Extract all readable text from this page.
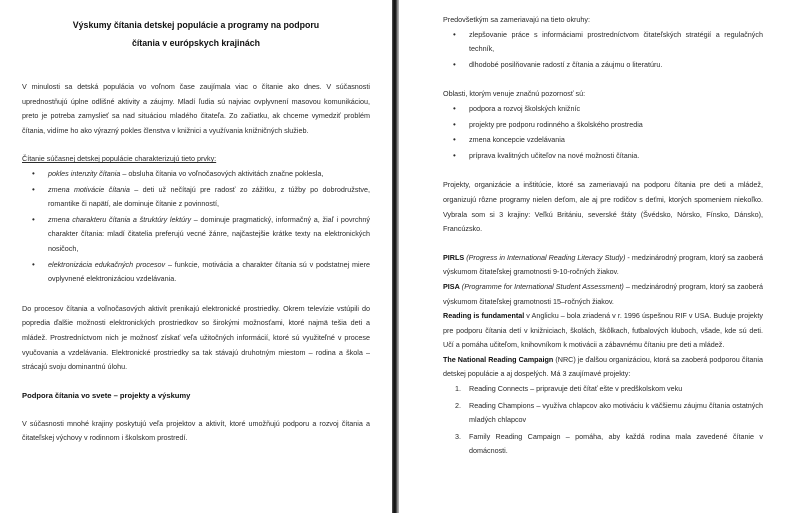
Výskumy čítania detskej populácie a programy na podporu
čítania v európskych krajinách

V minulosti sa detská populácia vo voľnom čase zaujímala viac o čítanie ako dnes. V súčasnosti uprednostňujú úplne odlišné aktivity a záujmy. Mladí ľudia sú najviac ovplyvnení masovou komunikáciou, preto je potreba zamyslieť sa nad situáciou mladého čitateľa. Zo začiatku, ak chceme vymedziť problém čítania, vidíme ho ako výrazný pokles členstva v knižnici a využívania knižničných služieb.

Čítanie súčasnej detskej populácie charakterizujú tieto prvky:

• pokles intenzity čítania – obsluha čítania vo voľnočasových aktivitách značne poklesla,
• zmena motivácie čítania – deti už nečítajú pre radosť zo zážitku, z túžby po dobrodružstve, romantike či napätí, ale dominuje čítanie z povinností,
• zmena charakteru čítania a štruktúry lektúry – dominuje pragmatický, informačný a, žiaľ i povrchný charakter čítania: mladí čitatelia preferujú vecné žánre, najčastejšie krátke texty na elektronických nosičoch,
• elektronizácia edukačných procesov – funkcie, motivácia a charakter čítania sú v podstatnej miere ovplyvnené elektronizáciou vzdelávania.

Do procesov čítania a voľnočasových aktivít prenikajú elektronické prostriedky. Okrem televízie vstúpili do popredia ďalšie možnosti elektronických prostriedkov so širokými možnosťami, ktoré najmä tešia deti a mládež. Prostredníctvom nich je možnosť získať veľa užitočných informácií, ktoré sú využiteľné v procese vyučovania a vzdelávania. Elektronické prostriedky sa tak stávajú druhotným miestom – rodina a škola – strácajú svoju dominantnú úlohu.

Podpora čítania vo svete – projekty a výskumy

V súčasnosti mnohé krajiny poskytujú veľa projektov a aktivít, ktoré umožňujú podporu a rozvoj čítania a čitateľskej výchovy v rodinnom i školskom prostredí.

Predovšetkým sa zameriavajú na tieto okruhy:

• zlepšovanie práce s informáciami prostredníctvom čitateľských stratégií a regulačných techník,
• dlhodobé posilňovanie radostí z čítania a záujmu o literatúru.

Oblasti, ktorým venuje značnú pozornosť sú:

• podpora a rozvoj školských knižníc
• projekty pre podporu rodinného a školského prostredia
• zmena koncepcie vzdelávania
• príprava kvalitných učiteľov na nové možnosti čítania.

Projekty, organizácie a inštitúcie, ktoré sa zameriavajú na podporu čítania pre deti a mládež, organizujú rôzne programy nielen deťom, ale aj pre rodičov s deťmi, ktorých spomeniem niekoľko. Vybrala som si 3 krajiny: Veľkú Britániu, severské štáty (Švédsko, Nórsko, Fínsko, Dánsko), Francúzsko.

PIRLS (Progress in International Reading Literacy Study) - medzinárodný program, ktorý sa zaoberá výskumom čitateľskej gramotnosti 9-10-ročných žiakov.

PISA (Programme for International Student Assessment) – medzinárodný program, ktorý sa zaoberá výskumom čitateľskej gramotnosti 15–ročných žiakov.

Reading is fundamental v Anglicku – bola zriadená v r. 1996 úspešnou RIF v USA. Buduje projekty pre podporu čítania detí v knižniciach, školách, škôlkach, futbalových kluboch, všade, kde sú deti. Učí a pomáha učiteľom, knihovníkom k motivácii a zábavnému čítaniu pre deti a mládež.

The National Reading Campaign (NRC) je ďalšou organizáciou, ktorá sa zaoberá podporou čítania detskej populácie a aj dospelých. Má 3 zaujímavé projekty:

1. Reading Connects – pripravuje deti čítať ešte v predškolskom veku
2. Reading Champions – využíva chlapcov ako motiváciu k väčšiemu záujmu čítania ostatných mladých chlapcov
3. Family Reading Campaign – pomáha, aby každá rodina mala zavedené čítanie v domácnosti.
